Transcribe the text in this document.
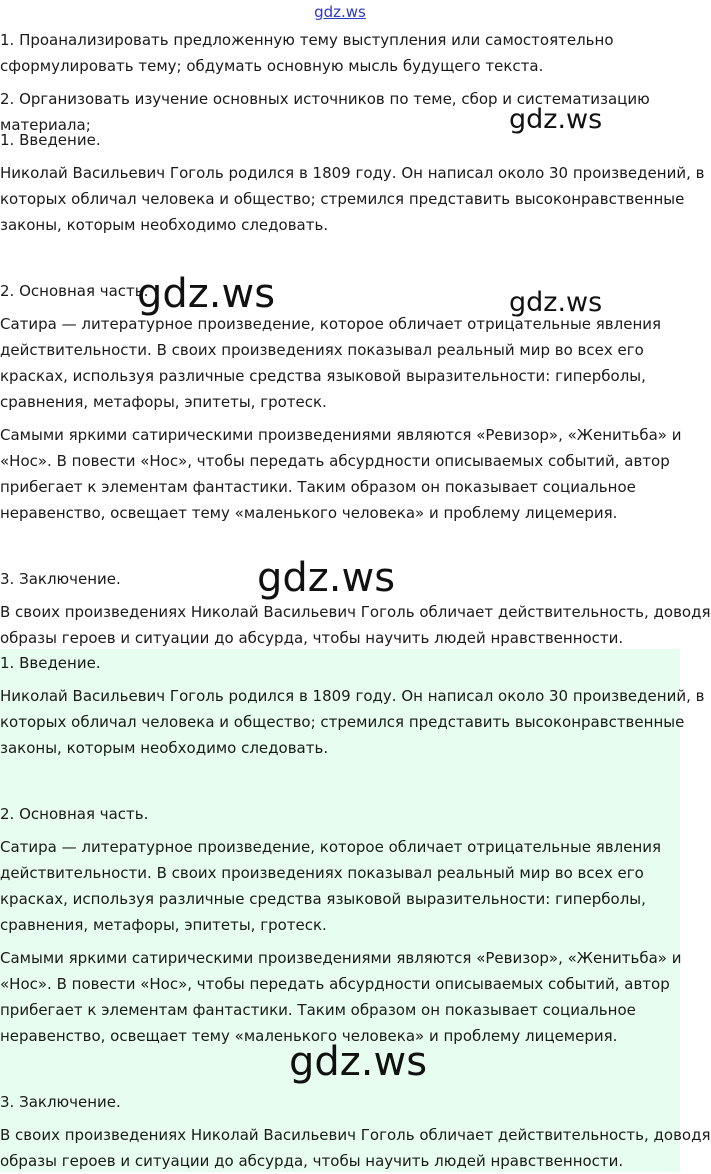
gdz.ws

1. Проанализировать предложенную тему выступления или самостоятельно

сформулировать тему; обдумать основную мысль будущего текста.

2. Организовать изучение основных источников по теме, сбор и систематизацию

материала;

1. Введение.

Николай Васильевич Гоголь родился в 1809 году. Он написал около 30 произведений, в

которых обличал человека и общество; стремился представить высоконравственные

законы, которым необходимо следовать.

2. Основная часть.

Сатира — литературное произведение, которое обличает отрицательные явления

действительности. В своих произведениях показывал реальный мир во всех его

красках, используя различные средства языковой выразительности: гиперболы,

сравнения, метафоры, эпитеты, гротеск.

Самыми яркими сатирическими произведениями являются «Ревизор», «Женитьба» и

«Нос». В повести «Нос», чтобы передать абсурдности описываемых событий, автор

прибегает к элементам фантастики. Таким образом он показывает социальное

неравенство, освещает тему «маленького человека» и проблему лицемерия.

3. Заключение.

В своих произведениях Николай Васильевич Гоголь обличает действительность, доводя

образы героев и ситуации до абсурда, чтобы научить людей нравственности.

1. Введение.

Николай Васильевич Гоголь родился в 1809 году. Он написал около 30 произведений, в

которых обличал человека и общество; стремился представить высоконравственные

законы, которым необходимо следовать.

2. Основная часть.

Сатира — литературное произведение, которое обличает отрицательные явления

действительности. В своих произведениях показывал реальный мир во всех его

красках, используя различные средства языковой выразительности: гиперболы,

сравнения, метафоры, эпитеты, гротеск.

Самыми яркими сатирическими произведениями являются «Ревизор», «Женитьба» и

«Нос». В повести «Нос», чтобы передать абсурдности описываемых событий, автор

прибегает к элементам фантастики. Таким образом он показывает социальное

неравенство, освещает тему «маленького человека» и проблему лицемерия.

3. Заключение.

В своих произведениях Николай Васильевич Гоголь обличает действительность, доводя

образы героев и ситуации до абсурда, чтобы научить людей нравственности.

gdz.ws
gdz.ws	gdz.ws
gdz.ws
gdz.ws
